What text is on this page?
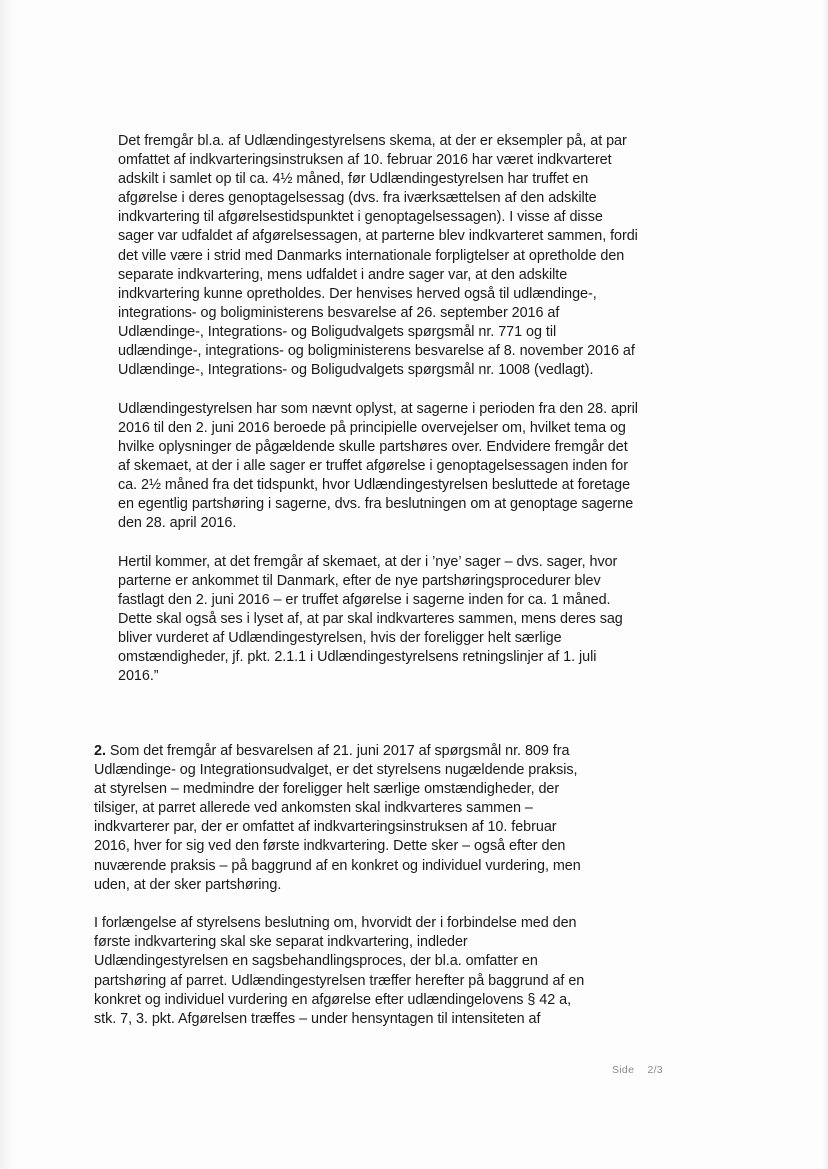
Det fremgår bl.a. af Udlændingestyrelsens skema, at der er eksempler på, at par omfattet af indkvarteringsinstruksen af 10. februar 2016 har været indkvarteret adskilt i samlet op til ca. 4½ måned, før Udlændingestyrelsen har truffet en afgørelse i deres genoptagelsessag (dvs. fra iværksættelsen af den adskilte indkvartering til afgørelsestidspunktet i genoptagelsessagen). I visse af disse sager var udfaldet af afgørelsessagen, at parterne blev indkvarteret sammen, fordi det ville være i strid med Danmarks internationale forpligtelser at opretholde den separate indkvartering, mens udfaldet i andre sager var, at den adskilte indkvartering kunne opretholdes. Der henvises herved også til udlændinge-, integrations- og boligministerens besvarelse af 26. september 2016 af Udlændinge-, Integrations- og Boligudvalgets spørgsmål nr. 771 og til udlændinge-, integrations- og boligministerens besvarelse af 8. november 2016 af Udlændinge-, Integrations- og Boligudvalgets spørgsmål nr. 1008 (vedlagt).

Udlændingestyrelsen har som nævnt oplyst, at sagerne i perioden fra den 28. april 2016 til den 2. juni 2016 beroede på principielle overvejelser om, hvilket tema og hvilke oplysninger de pågældende skulle partshøres over. Endvidere fremgår det af skemaet, at der i alle sager er truffet afgørelse i genoptagelsessagen inden for ca. 2½ måned fra det tidspunkt, hvor Udlændingestyrelsen besluttede at foretage en egentlig partshøring i sagerne, dvs. fra beslutningen om at genoptage sagerne den 28. april 2016.

Hertil kommer, at det fremgår af skemaet, at der i ’nye’ sager – dvs. sager, hvor parterne er ankommet til Danmark, efter de nye partshøringsprocedurer blev fastlagt den 2. juni 2016 – er truffet afgørelse i sagerne inden for ca. 1 måned. Dette skal også ses i lyset af, at par skal indkvarteres sammen, mens deres sag bliver vurderet af Udlændingestyrelsen, hvis der foreligger helt særlige omstændigheder, jf. pkt. 2.1.1 i Udlændingestyrelsens retningslinjer af 1. juli 2016.”

2. Som det fremgår af besvarelsen af 21. juni 2017 af spørgsmål nr. 809 fra Udlændinge- og Integrationsudvalget, er det styrelsens nugældende praksis, at styrelsen – medmindre der foreligger helt særlige omstændigheder, der tilsiger, at parret allerede ved ankomsten skal indkvarteres sammen – indkvarterer par, der er omfattet af indkvarteringsinstruksen af 10. februar 2016, hver for sig ved den første indkvartering. Dette sker – også efter den nuværende praksis – på baggrund af en konkret og individuel vurdering, men uden, at der sker partshøring.

I forlængelse af styrelsens beslutning om, hvorvidt der i forbindelse med den første indkvartering skal ske separat indkvartering, indleder Udlændingestyrelsen en sagsbehandlingsproces, der bl.a. omfatter en partshøring af parret. Udlændingestyrelsen træffer herefter på baggrund af en konkret og individuel vurdering en afgørelse efter udlændingelovens § 42 a, stk. 7, 3. pkt. Afgørelsen træffes – under hensyntagen til intensiteten af

Side 2/3
